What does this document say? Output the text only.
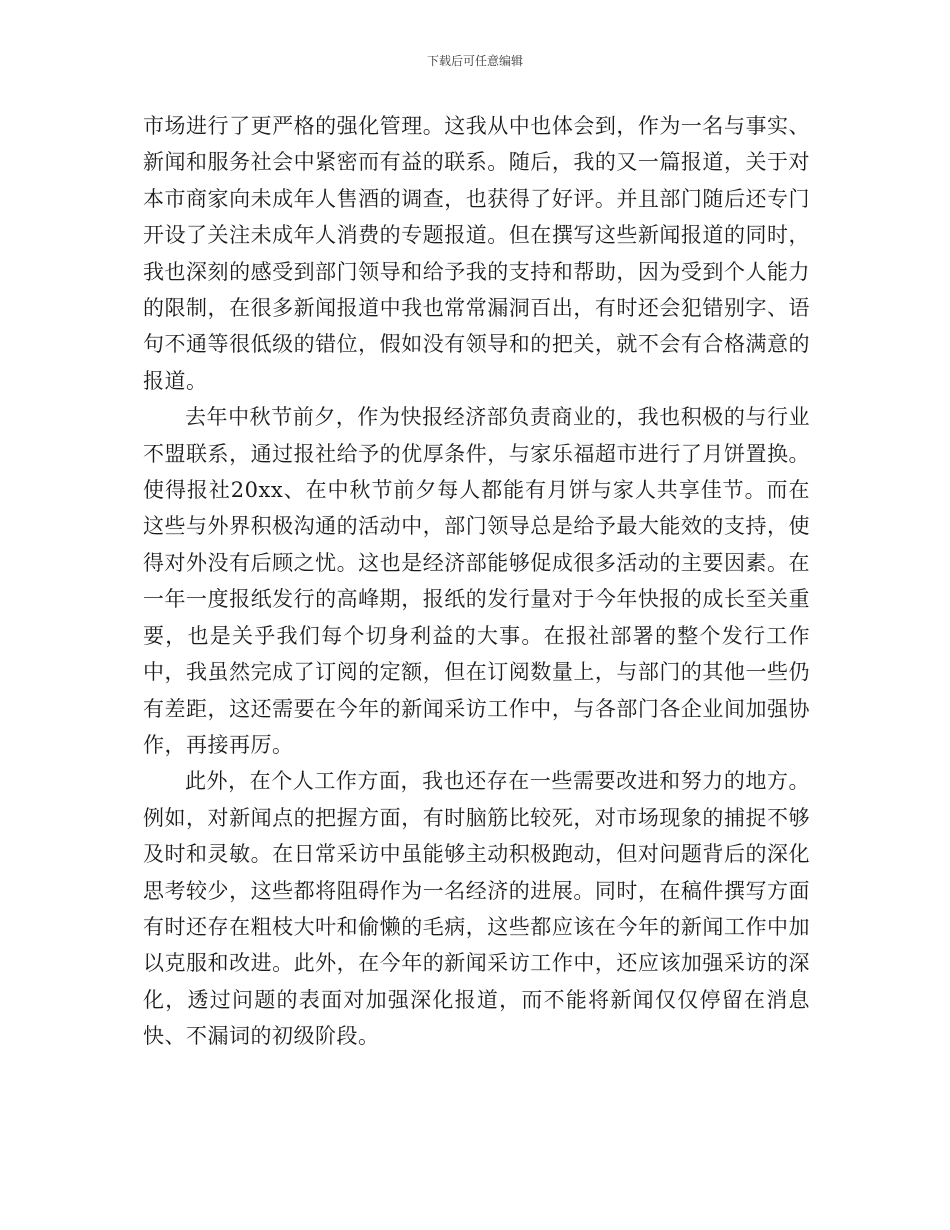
下载后可任意编辑

市场进行了更严格的强化管理。这我从中也体会到，作为一名与事实、新闻和服务社会中紧密而有益的联系。随后，我的又一篇报道，关于对本市商家向未成年人售酒的调查，也获得了好评。并且部门随后还专门开设了关注未成年人消费的专题报道。但在撰写这些新闻报道的同时，我也深刻的感受到部门领导和给予我的支持和帮助，因为受到个人能力的限制，在很多新闻报道中我也常常漏洞百出，有时还会犯错别字、语句不通等很低级的错位，假如没有领导和的把关，就不会有合格满意的报道。

去年中秋节前夕，作为快报经济部负责商业的，我也积极的与行业不盟联系，通过报社给予的优厚条件，与家乐福超市进行了月饼置换。使得报社20xx、在中秋节前夕每人都能有月饼与家人共享佳节。而在这些与外界积极沟通的活动中，部门领导总是给予最大能效的支持，使得对外没有后顾之忧。这也是经济部能够促成很多活动的主要因素。在一年一度报纸发行的高峰期，报纸的发行量对于今年快报的成长至关重要，也是关乎我们每个切身利益的大事。在报社部署的整个发行工作中，我虽然完成了订阅的定额，但在订阅数量上，与部门的其他一些仍有差距，这还需要在今年的新闻采访工作中，与各部门各企业间加强协作，再接再厉。

此外，在个人工作方面，我也还存在一些需要改进和努力的地方。例如，对新闻点的把握方面，有时脑筋比较死，对市场现象的捕捉不够及时和灵敏。在日常采访中虽能够主动积极跑动，但对问题背后的深化思考较少，这些都将阻碍作为一名经济的进展。同时，在稿件撰写方面有时还存在粗枝大叶和偷懒的毛病，这些都应该在今年的新闻工作中加以克服和改进。此外，在今年的新闻采访工作中，还应该加强采访的深化，透过问题的表面对加强深化报道，而不能将新闻仅仅停留在消息快、不漏词的初级阶段。
